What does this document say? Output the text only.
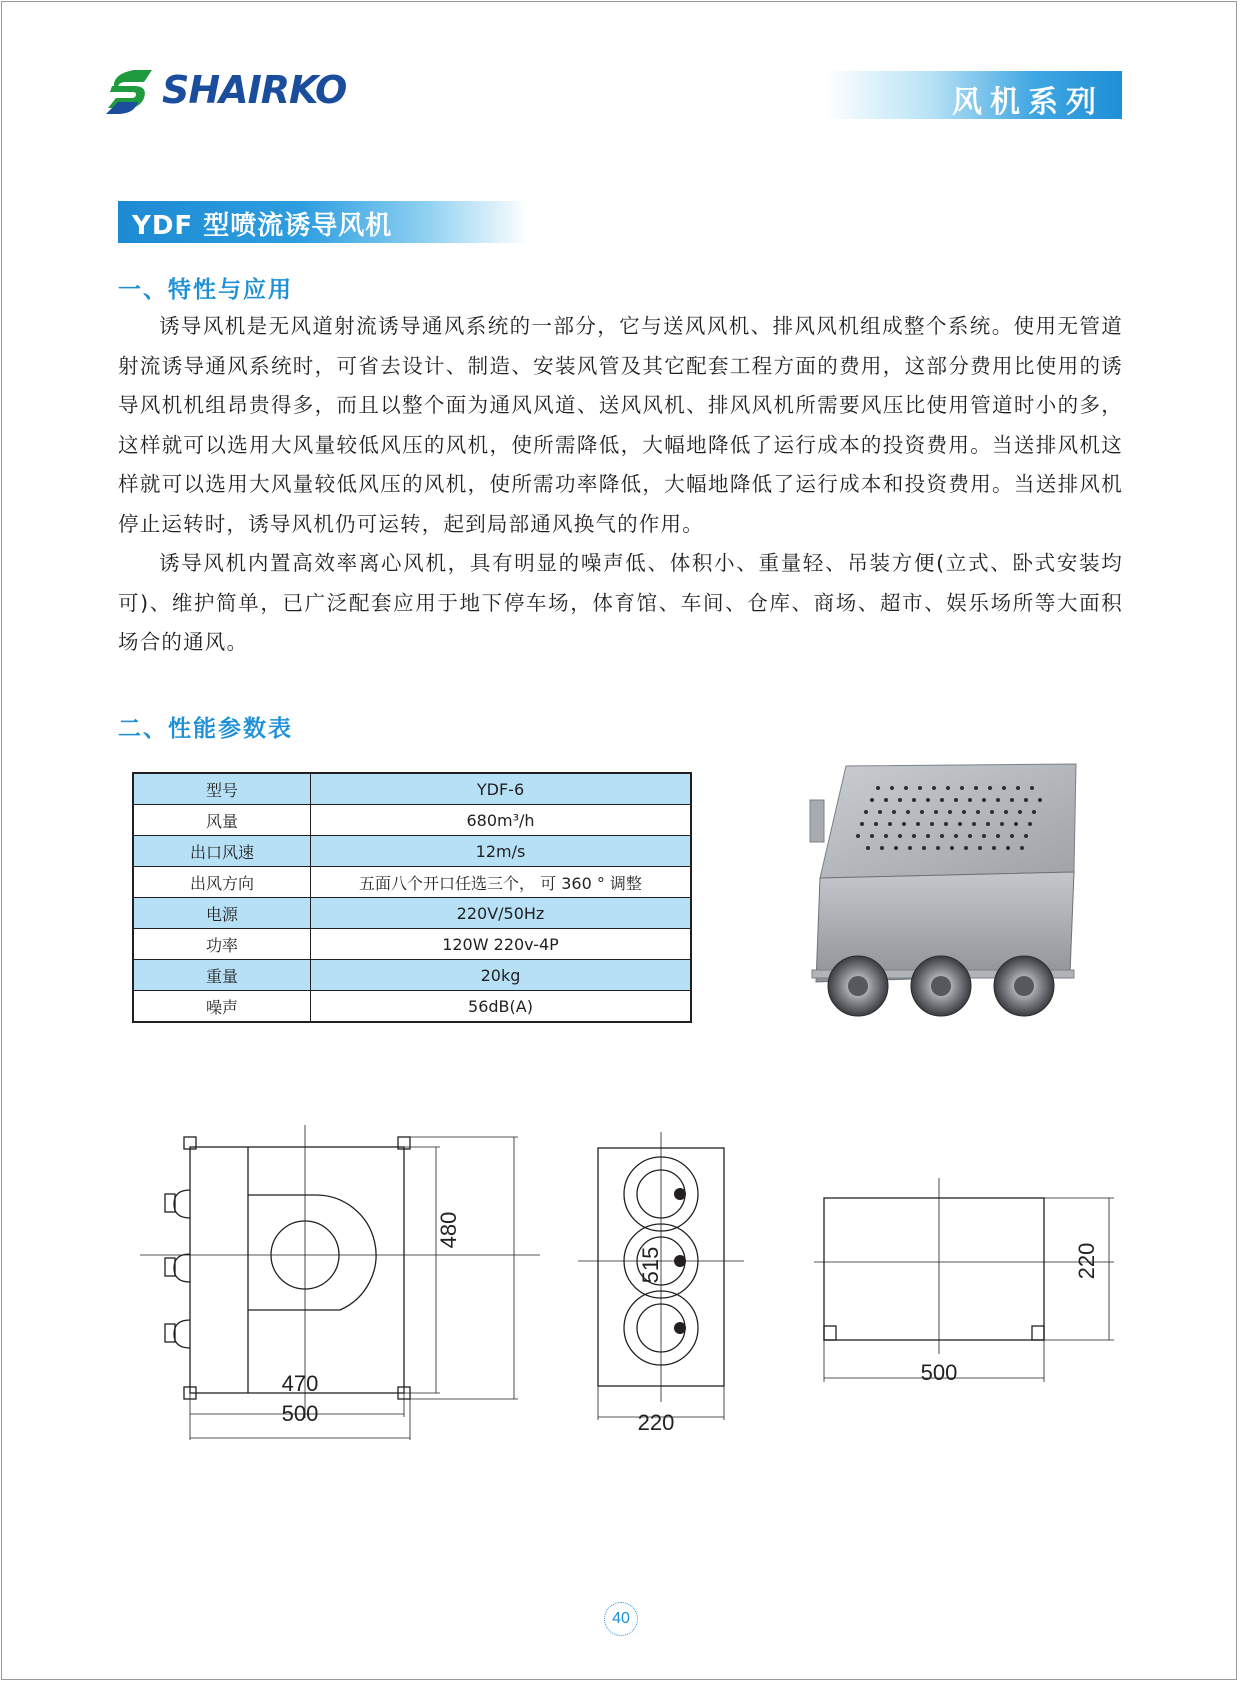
SHAIRKO	风机系列
YDF 型喷流诱导风机
一、特性与应用

诱导风机是无风道射流诱导通风系统的一部分，它与送风风机、排风风机组成整个系统。使用无管道射流诱导通风系统时，可省去设计、制造、安装风管及其它配套工程方面的费用，这部分费用比使用的诱导风机机组昂贵得多，而且以整个面为通风风道、送风风机、排风风机所需要风压比使用管道时小的多，这样就可以选用大风量较低风压的风机，使所需降低，大幅地降低了运行成本的投资费用。当送排风机这样就可以选用大风量较低风压的风机，使所需功率降低，大幅地降低了运行成本和投资费用。当送排风机停止运转时，诱导风机仍可运转，起到局部通风换气的作用。

诱导风机内置高效率离心风机，具有明显的噪声低、体积小、重量轻、吊装方便(立式、卧式安装均可)、维护简单，已广泛配套应用于地下停车场，体育馆、车间、仓库、商场、超市、娱乐场所等大面积场合的通风。

二、性能参数表
型号	YDF-6
风量	680m³/h
出口风速	12m/s
出风方向	五面八个开口任选三个， 可 360 ° 调整
电源	220V/50Hz
功率	120W 220v-4P
重量	20kg
噪声	56dB(A)
470
500
480
515
220
500
220
40
